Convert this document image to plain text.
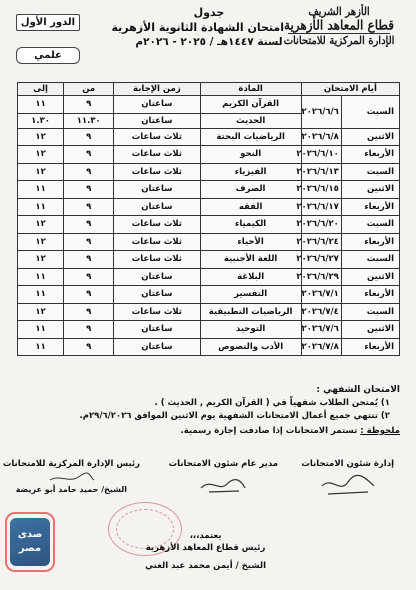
الأزهر الشريف
قطاع المعاهد الأزهرية
الإدارة المركزية للامتحانات
جدول
امتحان الشهادة الثانوية الأزهرية
لسنة ١٤٤٧هـ / ٢٠٢٥ - ٢٠٢٦م
الدور الأول
علمي
أيام الامتحان		المادة	زمن الإجابة	من	إلى
السبت	٢٠٢٦/٦/٦	القرآن الكريم	ساعتان	٩	١١
		الحديث	ساعتان	١١.٣٠	١.٣٠
الاثنين	٢٠٢٦/٦/٨	الرياضيات البحتة	ثلاث ساعات	٩	١٢
الأربعاء	٢٠٢٦/٦/١٠	النحو	ثلاث ساعات	٩	١٢
السبت	٢٠٢٦/٦/١٣	الفيزياء	ثلاث ساعات	٩	١٢
الاثنين	٢٠٢٦/٦/١٥	الصرف	ساعتان	٩	١١
الأربعاء	٢٠٢٦/٦/١٧	الفقه	ساعتان	٩	١١
السبت	٢٠٢٦/٦/٢٠	الكيمياء	ثلاث ساعات	٩	١٢
الأربعاء	٢٠٢٦/٦/٢٤	الأحياء	ثلاث ساعات	٩	١٢
السبت	٢٠٢٦/٦/٢٧	اللغة الأجنبية	ثلاث ساعات	٩	١٢
الاثنين	٢٠٢٦/٦/٢٩	البلاغة	ساعتان	٩	١١
الأربعاء	٢٠٢٦/٧/١	التفسير	ساعتان	٩	١١
السبت	٢٠٢٦/٧/٤	الرياضيات التطبيقية	ثلاث ساعات	٩	١٢
الاثنين	٢٠٢٦/٧/٦	التوحيد	ساعتان	٩	١١
الأربعاء	٢٠٢٦/٧/٨	الأدب والنصوص	ساعتان	٩	١١
الامتحان الشفهي :
١) يُمتحن الطلاب شفهياً في ( القرآن الكريم , الحديث ) .
٢) تنتهي جميع أعمال الامتحانات الشفهية يوم الاثنين الموافق ٢٩/٦/٢٠٢٦م.
ملحوظة :تستمر الامتحانات إذا صادفت إجازة رسمية.
إدارة شئون الامتحانات
مدير عام شئون الامتحانات
رئيس الإدارة المركزية للامتحانات
الشيخ/ حميد حامد أبو عريضة
يعتمد،،،
رئيس قطاع المعاهد الأزهرية
الشيخ / أيمن محمد عبد الغني
صدى مصر
